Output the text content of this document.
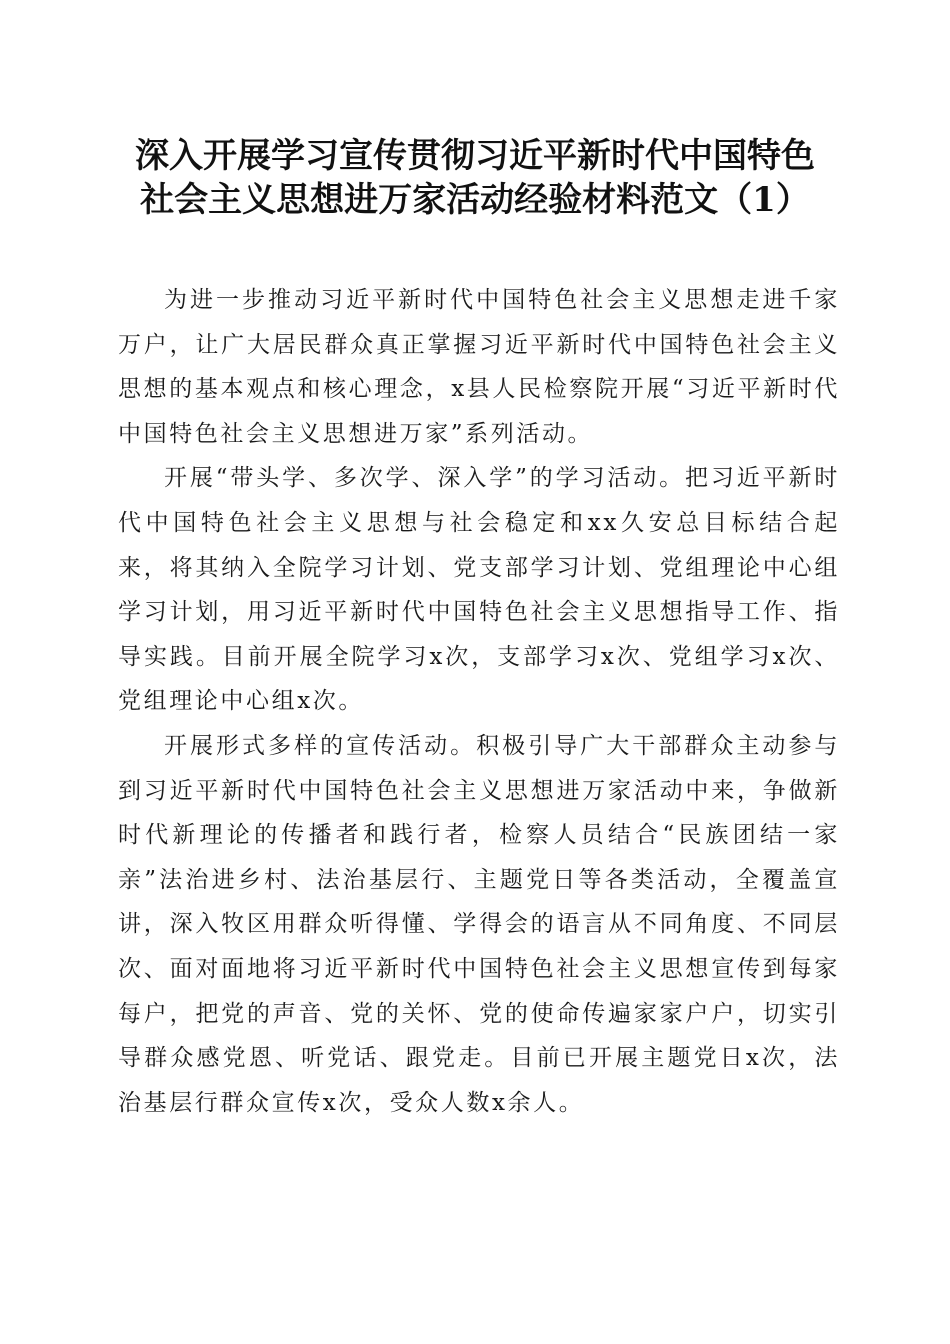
深入开展学习宣传贯彻习近平新时代中国特色
社会主义思想进万家活动经验材料范文（1）

为进一步推动习近平新时代中国特色社会主义思想走进千家万户，让广大居民群众真正掌握习近平新时代中国特色社会主义思想的基本观点和核心理念，x县人民检察院开展“习近平新时代中国特色社会主义思想进万家”系列活动。

开展“带头学、多次学、深入学”的学习活动。把习近平新时代中国特色社会主义思想与社会稳定和xx久安总目标结合起来，将其纳入全院学习计划、党支部学习计划、党组理论中心组学习计划，用习近平新时代中国特色社会主义思想指导工作、指导实践。目前开展全院学习x次，支部学习x次、党组学习x次、党组理论中心组x次。

开展形式多样的宣传活动。积极引导广大干部群众主动参与到习近平新时代中国特色社会主义思想进万家活动中来，争做新时代新理论的传播者和践行者，检察人员结合“民族团结一家亲”法治进乡村、法治基层行、主题党日等各类活动，全覆盖宣讲，深入牧区用群众听得懂、学得会的语言从不同角度、不同层次、面对面地将习近平新时代中国特色社会主义思想宣传到每家每户，把党的声音、党的关怀、党的使命传遍家家户户，切实引导群众感党恩、听党话、跟党走。目前已开展主题党日x次，法治基层行群众宣传x次，受众人数x余人。
